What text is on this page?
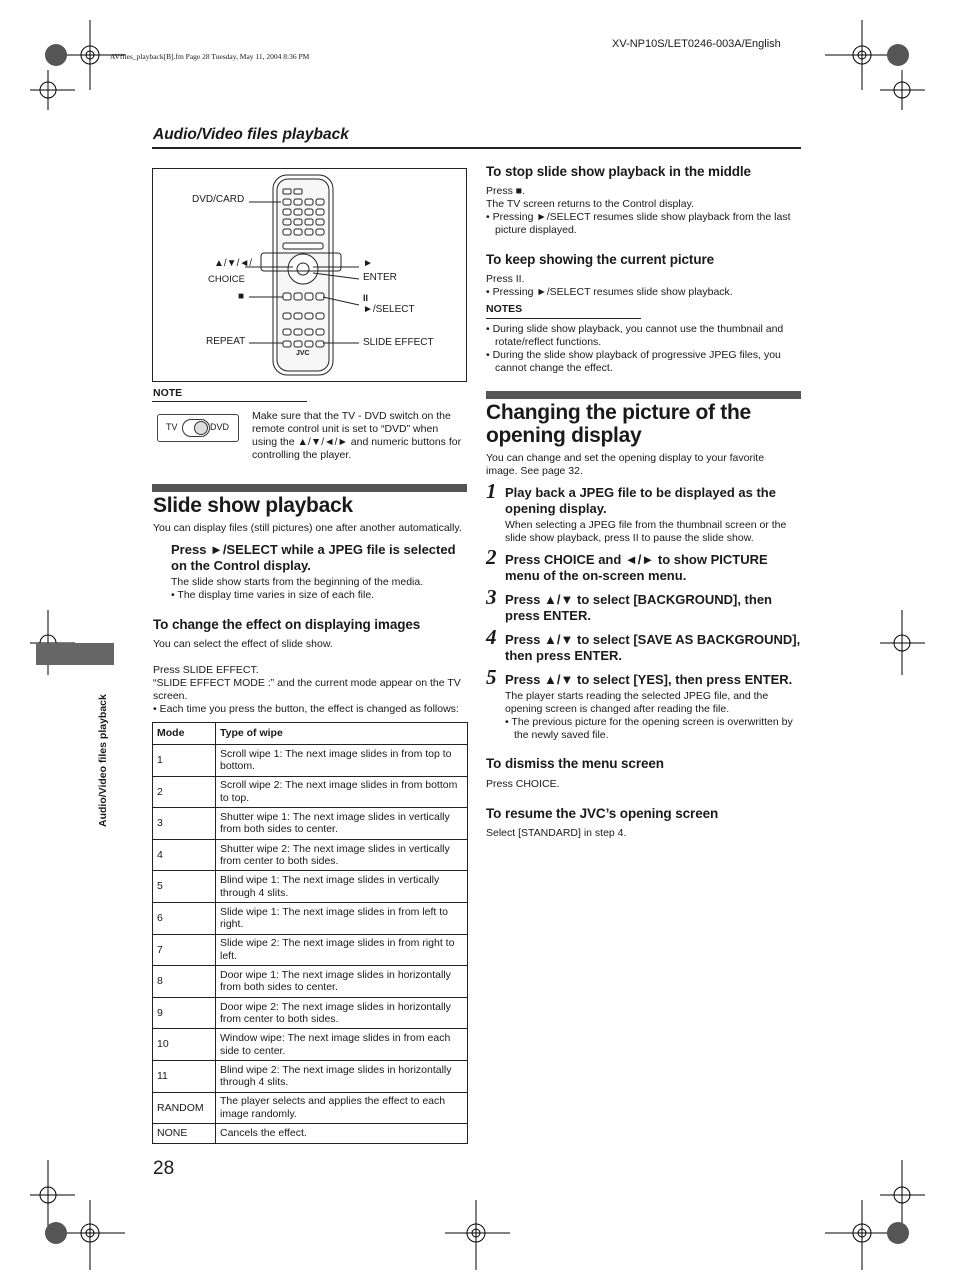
AVfiles_playback[B].fm Page 28 Tuesday, May 11, 2004 8:36 PM
XV-NP10S/LET0246-003A/English
Audio/Video files playback
Audio/Video files playback
DVD/CARD
▲/▼/◄/
CHOICE
■
REPEAT
►
ENTER
II
►/SELECT
SLIDE EFFECT
JVC
NOTE
TV	DVD
Make sure that the TV - DVD switch on the remote control unit is set to “DVD” when using the ▲/▼/◄/► and numeric buttons for controlling the player.
Slide show playback
You can display files (still pictures) one after another automatically.
Press ►/SELECT while a JPEG file is selected on the Control display.
The slide show starts from the beginning of the media.
• The display time varies in size of each file.
To change the effect on displaying images
You can select the effect of slide show.
Press SLIDE EFFECT.
“SLIDE EFFECT MODE :” and the current mode appear on the TV screen.
• Each time you press the button, the effect is changed as follows:
Mode	Type of wipe
1	Scroll wipe 1: The next image slides in from top to bottom.
2	Scroll wipe 2: The next image slides in from bottom to top.
3	Shutter wipe 1: The next image slides in vertically from both sides to center.
4	Shutter wipe 2: The next image slides in vertically from center to both sides.
5	Blind wipe 1: The next image slides in vertically through 4 slits.
6	Slide wipe 1: The next image slides in from left to right.
7	Slide wipe 2: The next image slides in from right to left.
8	Door wipe 1: The next image slides in horizontally from both sides to center.
9	Door wipe 2: The next image slides in horizontally from center to both sides.
10	Window wipe: The next image slides in from each side to center.
11	Blind wipe 2: The next image slides in horizontally through 4 slits.
RANDOM	The player selects and applies the effect to each image randomly.
NONE	Cancels the effect.
To stop slide show playback in the middle
Press ■.
The TV screen returns to the Control display.
• Pressing ►/SELECT resumes slide show playback from the last picture displayed.
To keep showing the current picture
Press II.
• Pressing ►/SELECT resumes slide show playback.
NOTES
• During slide show playback, you cannot use the thumbnail and rotate/reflect functions.
• During the slide show playback of progressive JPEG files, you cannot change the effect.
Changing the picture of the opening display
You can change and set the opening display to your favorite image. See page 32.
1 Play back a JPEG file to be displayed as the opening display.
When selecting a JPEG file from the thumbnail screen or the slide show playback, press II to pause the slide show.
2 Press CHOICE and ◄/► to show PICTURE menu of the on-screen menu.
3 Press ▲/▼ to select [BACKGROUND], then press ENTER.
4 Press ▲/▼ to select [SAVE AS BACKGROUND], then press ENTER.
5 Press ▲/▼ to select [YES], then press ENTER.
The player starts reading the selected JPEG file, and the opening screen is changed after reading the file.
• The previous picture for the opening screen is overwritten by the newly saved file.
To dismiss the menu screen
Press CHOICE.
To resume the JVC’s opening screen
Select [STANDARD] in step 4.
28
